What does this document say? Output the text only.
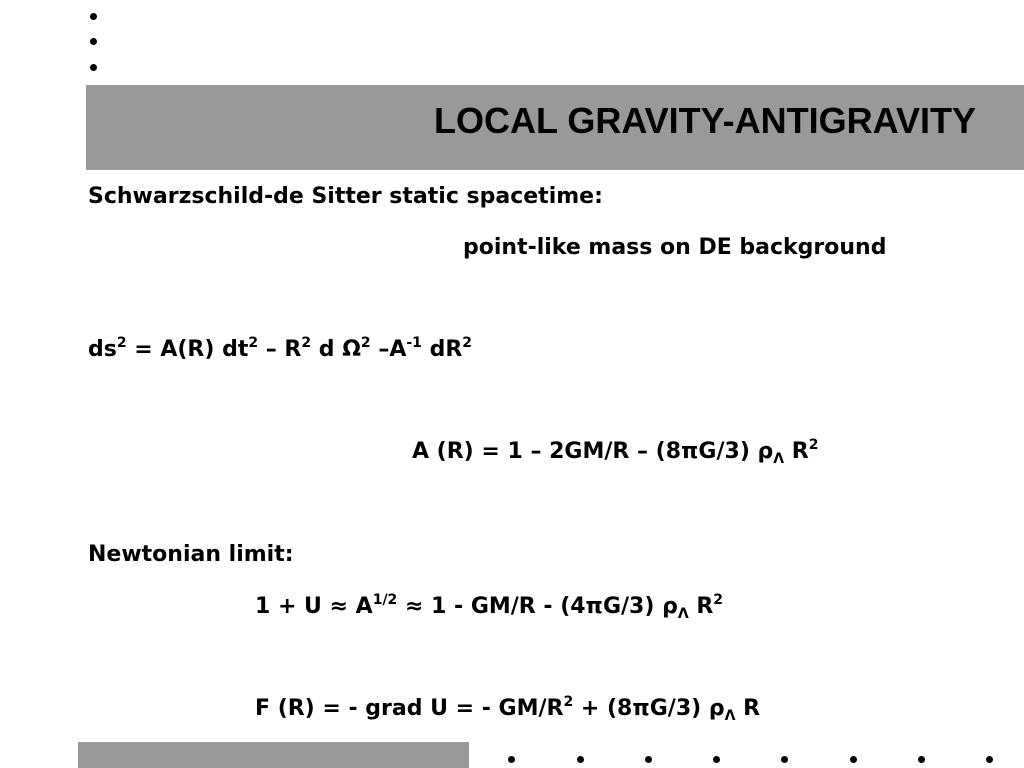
LOCAL GRAVITY-ANTIGRAVITY
Schwarzschild-de Sitter static spacetime:
point-like mass on DE background
$ds^2 = A(R)$ $dt^2 - R^2$ d $\Omega^2$ $-A^{-1}$ $dR^2$
A (R) = 1 – 2GM/R – (8πG/3) $\rho_\Lambda$ $R^2$
Newtonian limit:
$1 + U \approx A^{1/2} \approx 1 - GM/R - (4\pi G/3)$ $\rho_\Lambda$ $R^2$
F (R) = - grad U = - $GM/R^2 + (8\pi G/3)$ $\rho_\Lambda$ R
